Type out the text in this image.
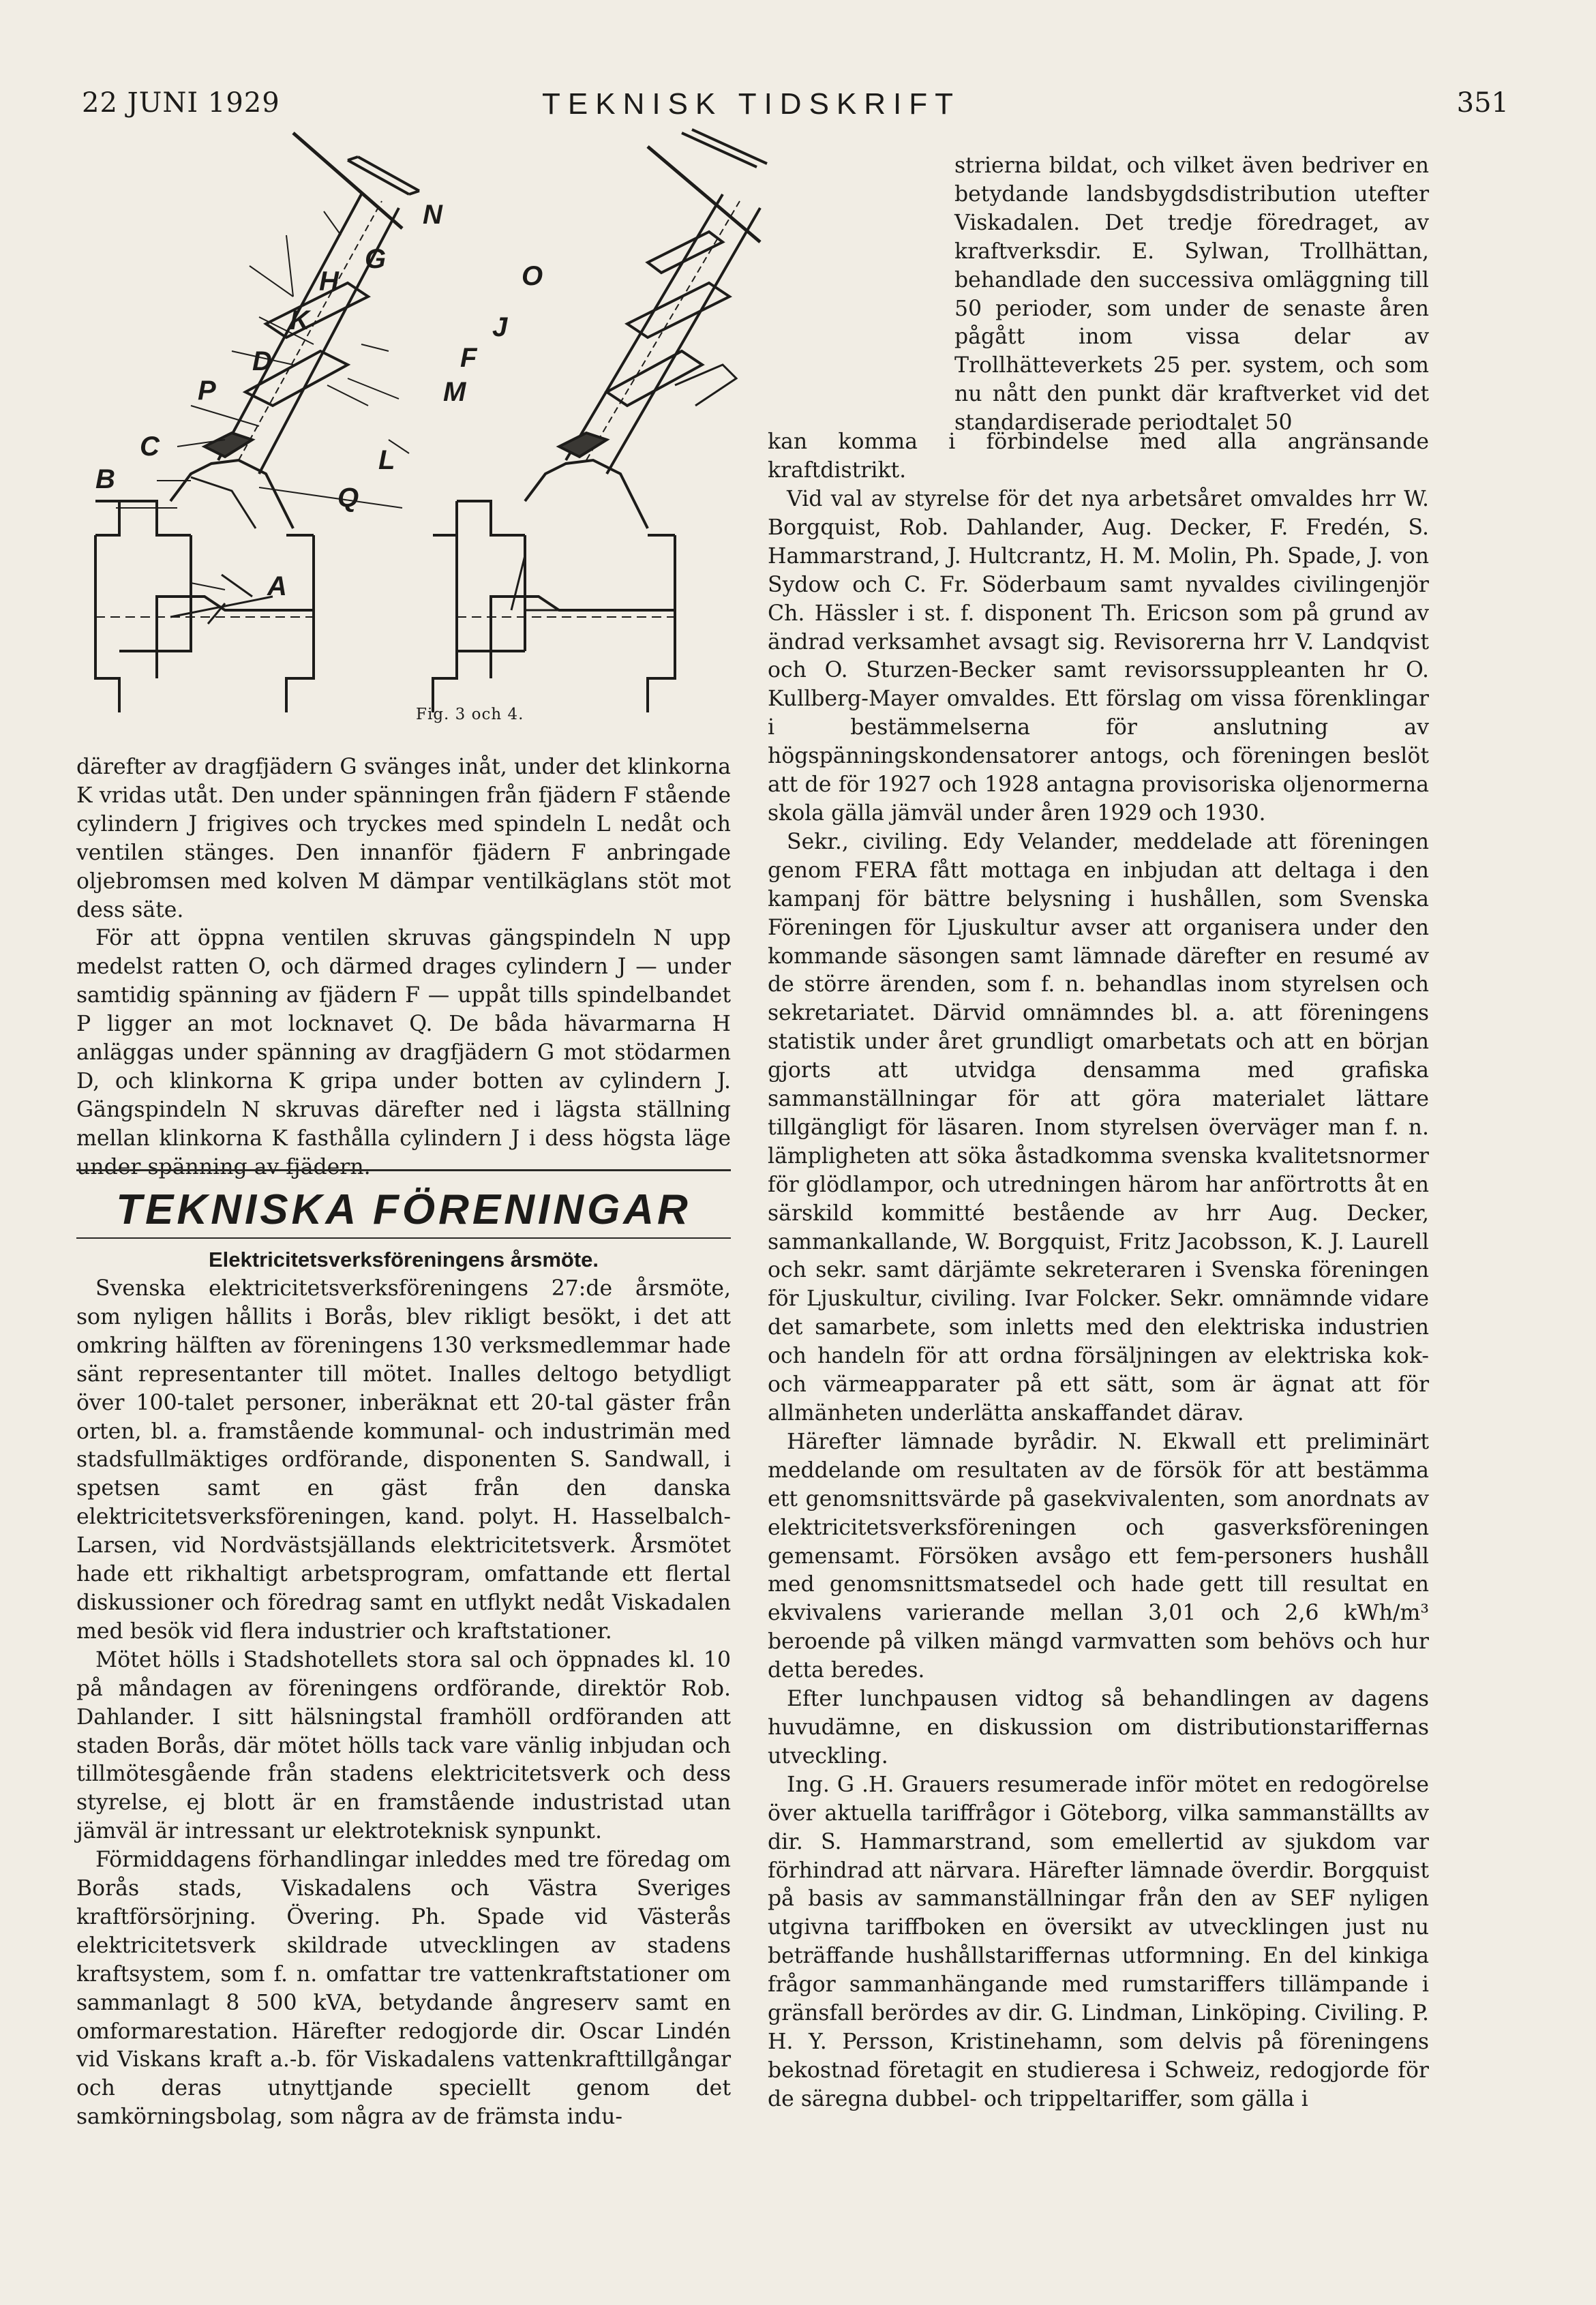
22 JUNI 1929	TEKNISK TIDSKRIFT	351
N
G
H	O
K	J
D	F
P	M
C	L
B
Q
A
Fig. 3 och 4.

därefter av dragfjädern G svänges inåt, under det klinkorna K vridas utåt. Den under spänningen från fjädern F stående cylindern J frigives och tryckes med spindeln L nedåt och ventilen stänges. Den innanför fjädern F anbringade oljebromsen med kolven M dämpar ventilkäglans stöt mot dess säte.

För att öppna ventilen skruvas gängspindeln N upp medelst ratten O, och därmed drages cylindern J — under samtidig spänning av fjädern F — uppåt tills spindelbandet P ligger an mot locknavet Q. De båda hävarmarna H anläggas under spänning av dragfjädern G mot stödarmen D, och klinkorna K gripa under botten av cylindern J. Gängspindeln N skruvas därefter ned i lägsta ställning mellan klinkorna K fasthålla cylindern J i dess högsta läge under spänning av fjädern.

TEKNISKA FÖRENINGAR
Elektricitetsverksföreningens årsmöte.

Svenska elektricitetsverksföreningens 27:de årsmöte, som nyligen hållits i Borås, blev rikligt besökt, i det att omkring hälften av föreningens 130 verksmedlemmar hade sänt representanter till mötet. Inalles deltogo betydligt över 100-talet personer, inberäknat ett 20-tal gäster från orten, bl. a. framstående kommunal- och industrimän med stadsfullmäktiges ordförande, disponenten S. Sandwall, i spetsen samt en gäst från den danska elektricitetsverksföreningen, kand. polyt. H. Hasselbalch-Larsen, vid Nordvästsjällands elektricitetsverk. Årsmötet hade ett rikhaltigt arbetsprogram, omfattande ett flertal diskussioner och föredrag samt en utflykt nedåt Viskadalen med besök vid flera industrier och kraftstationer.

Mötet hölls i Stadshotellets stora sal och öppnades kl. 10 på måndagen av föreningens ordförande, direktör Rob. Dahlander. I sitt hälsningstal framhöll ordföranden att staden Borås, där mötet hölls tack vare vänlig inbjudan och tillmötesgående från stadens elektricitetsverk och dess styrelse, ej blott är en framstående industristad utan jämväl är intressant ur elektroteknisk synpunkt.

Förmiddagens förhandlingar inleddes med tre föredag om Borås stads, Viskadalens och Västra Sveriges kraftförsörjning. Övering. Ph. Spade vid Västerås elektricitetsverk skildrade utvecklingen av stadens kraftsystem, som f. n. omfattar tre vattenkraftstationer om sammanlagt 8 500 kVA, betydande ångreserv samt en omformarestation. Härefter redogjorde dir. Oscar Lindén vid Viskans kraft a.-b. för Viskadalens vattenkrafttillgångar och deras utnyttjande speciellt genom det samkörningsbolag, som några av de främsta indu-

strierna bildat, och vilket även bedriver en betydande landsbygdsdistribution utefter Viskadalen. Det tredje föredraget, av kraftverksdir. E. Sylwan, Trollhättan, behandlade den successiva omläggning till 50 perioder, som under de senaste åren pågått inom vissa delar av Trollhätteverkets 25 per. system, och som nu nått den punkt där kraftverket vid det standardiserade periodtalet 50

kan komma i förbindelse med alla angränsande kraftdistrikt.

Vid val av styrelse för det nya arbetsåret omvaldes hrr W. Borgquist, Rob. Dahlander, Aug. Decker, F. Fredén, S. Hammarstrand, J. Hultcrantz, H. M. Molin, Ph. Spade, J. von Sydow och C. Fr. Söderbaum samt nyvaldes civilingenjör Ch. Hässler i st. f. disponent Th. Ericson som på grund av ändrad verksamhet avsagt sig. Revisorerna hrr V. Landqvist och O. Sturzen-Becker samt revisorssuppleanten hr O. Kullberg-Mayer omvaldes. Ett förslag om vissa förenklingar i bestämmelserna för anslutning av högspänningskondensatorer antogs, och föreningen beslöt att de för 1927 och 1928 antagna provisoriska oljenormerna skola gälla jämväl under åren 1929 och 1930.

Sekr., civiling. Edy Velander, meddelade att föreningen genom FERA fått mottaga en inbjudan att deltaga i den kampanj för bättre belysning i hushållen, som Svenska Föreningen för Ljuskultur avser att organisera under den kommande säsongen samt lämnade därefter en resumé av de större ärenden, som f. n. behandlas inom styrelsen och sekretariatet. Därvid omnämndes bl. a. att föreningens statistik under året grundligt omarbetats och att en början gjorts att utvidga densamma med grafiska sammanställningar för att göra materialet lättare tillgängligt för läsaren. Inom styrelsen överväger man f. n. lämpligheten att söka åstadkomma svenska kvalitetsnormer för glödlampor, och utredningen härom har anförtrotts åt en särskild kommitté bestående av hrr Aug. Decker, sammankallande, W. Borgquist, Fritz Jacobsson, K. J. Laurell och sekr. samt därjämte sekreteraren i Svenska föreningen för Ljuskultur, civiling. Ivar Folcker. Sekr. omnämnde vidare det samarbete, som inletts med den elektriska industrien och handeln för att ordna försäljningen av elektriska kok- och värmeapparater på ett sätt, som är ägnat att för allmänheten underlätta anskaffandet därav.

Härefter lämnade byrådir. N. Ekwall ett preliminärt meddelande om resultaten av de försök för att bestämma ett genomsnittsvärde på gasekvivalenten, som anordnats av elektricitetsverksföreningen och gasverksföreningen gemensamt. Försöken avsågo ett fem-personers hushåll med genomsnittsmatsedel och hade gett till resultat en ekvivalens varierande mellan 3,01 och 2,6 kWh/m³ beroende på vilken mängd varmvatten som behövs och hur detta beredes.

Efter lunchpausen vidtog så behandlingen av dagens huvudämne, en diskussion om distributionstariffernas utveckling.

Ing. G .H. Grauers resumerade inför mötet en redogörelse över aktuella tariffrågor i Göteborg, vilka sammanställts av dir. S. Hammarstrand, som emellertid av sjukdom var förhindrad att närvara. Härefter lämnade överdir. Borgquist på basis av sammanställningar från den av SEF nyligen utgivna tariffboken en översikt av utvecklingen just nu beträffande hushållstariffernas utformning. En del kinkiga frågor sammanhängande med rumstariffers tillämpande i gränsfall berördes av dir. G. Lindman, Linköping. Civiling. P. H. Y. Persson, Kristinehamn, som delvis på föreningens bekostnad företagit en studieresa i Schweiz, redogjorde för de säregna dubbel- och trippeltariffer, som gälla i
